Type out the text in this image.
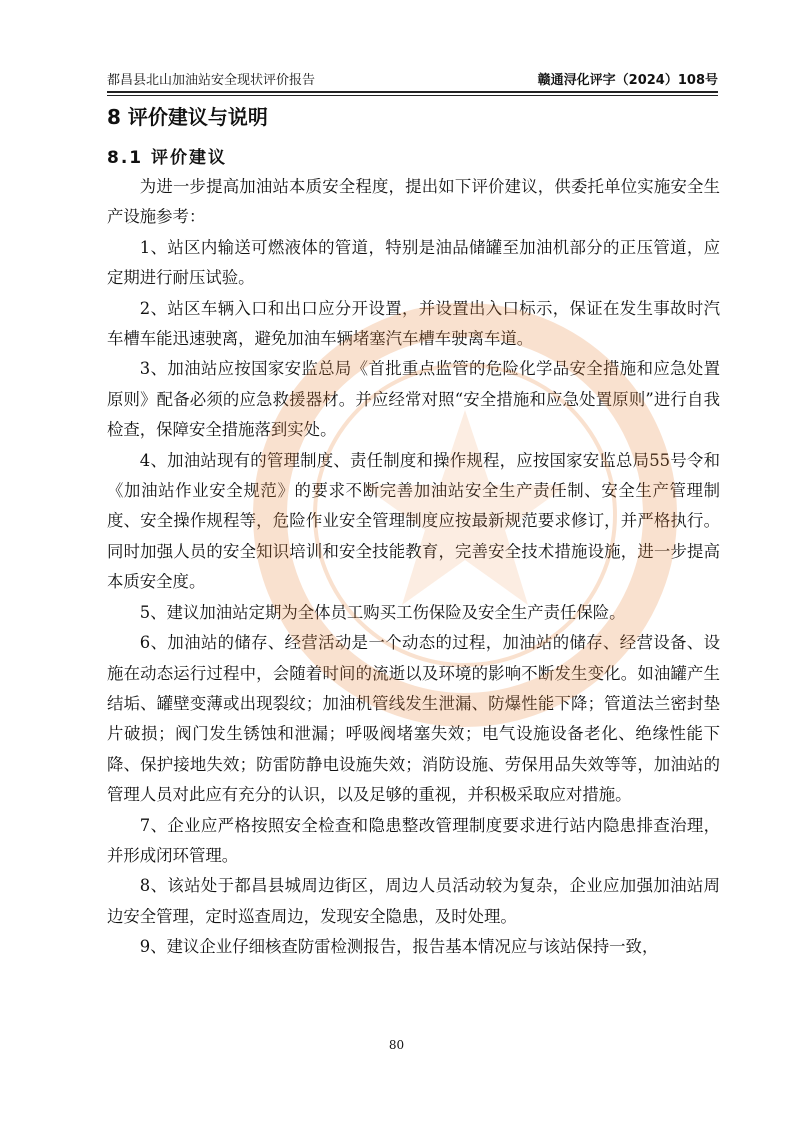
都昌县北山加油站安全现状评价报告	赣通浔化评字（2024）108号
8 评价建议与说明
8.1 评价建议

为进一步提高加油站本质安全程度，提出如下评价建议，供委托单位实施安全生产设施参考：

1、站区内输送可燃液体的管道，特别是油品储罐至加油机部分的正压管道，应定期进行耐压试验。

2、站区车辆入口和出口应分开设置，并设置出入口标示，保证在发生事故时汽车槽车能迅速驶离，避免加油车辆堵塞汽车槽车驶离车道。

3、加油站应按国家安监总局《首批重点监管的危险化学品安全措施和应急处置原则》配备必须的应急救援器材。并应经常对照“安全措施和应急处置原则”进行自我检查，保障安全措施落到实处。

4、加油站现有的管理制度、责任制度和操作规程，应按国家安监总局55号令和《加油站作业安全规范》的要求不断完善加油站安全生产责任制、安全生产管理制度、安全操作规程等，危险作业安全管理制度应按最新规范要求修订，并严格执行。同时加强人员的安全知识培训和安全技能教育，完善安全技术措施设施，进一步提高本质安全度。

5、建议加油站定期为全体员工购买工伤保险及安全生产责任保险。

6、加油站的储存、经营活动是一个动态的过程，加油站的储存、经营设备、设施在动态运行过程中，会随着时间的流逝以及环境的影响不断发生变化。如油罐产生结垢、罐壁变薄或出现裂纹；加油机管线发生泄漏、防爆性能下降；管道法兰密封垫片破损；阀门发生锈蚀和泄漏；呼吸阀堵塞失效；电气设施设备老化、绝缘性能下降、保护接地失效；防雷防静电设施失效；消防设施、劳保用品失效等等，加油站的管理人员对此应有充分的认识，以及足够的重视，并积极采取应对措施。

7、企业应严格按照安全检查和隐患整改管理制度要求进行站内隐患排查治理，并形成闭环管理。

8、该站处于都昌县城周边街区，周边人员活动较为复杂，企业应加强加油站周边安全管理，定时巡查周边，发现安全隐患，及时处理。

9、建议企业仔细核查防雷检测报告，报告基本情况应与该站保持一致，

80
